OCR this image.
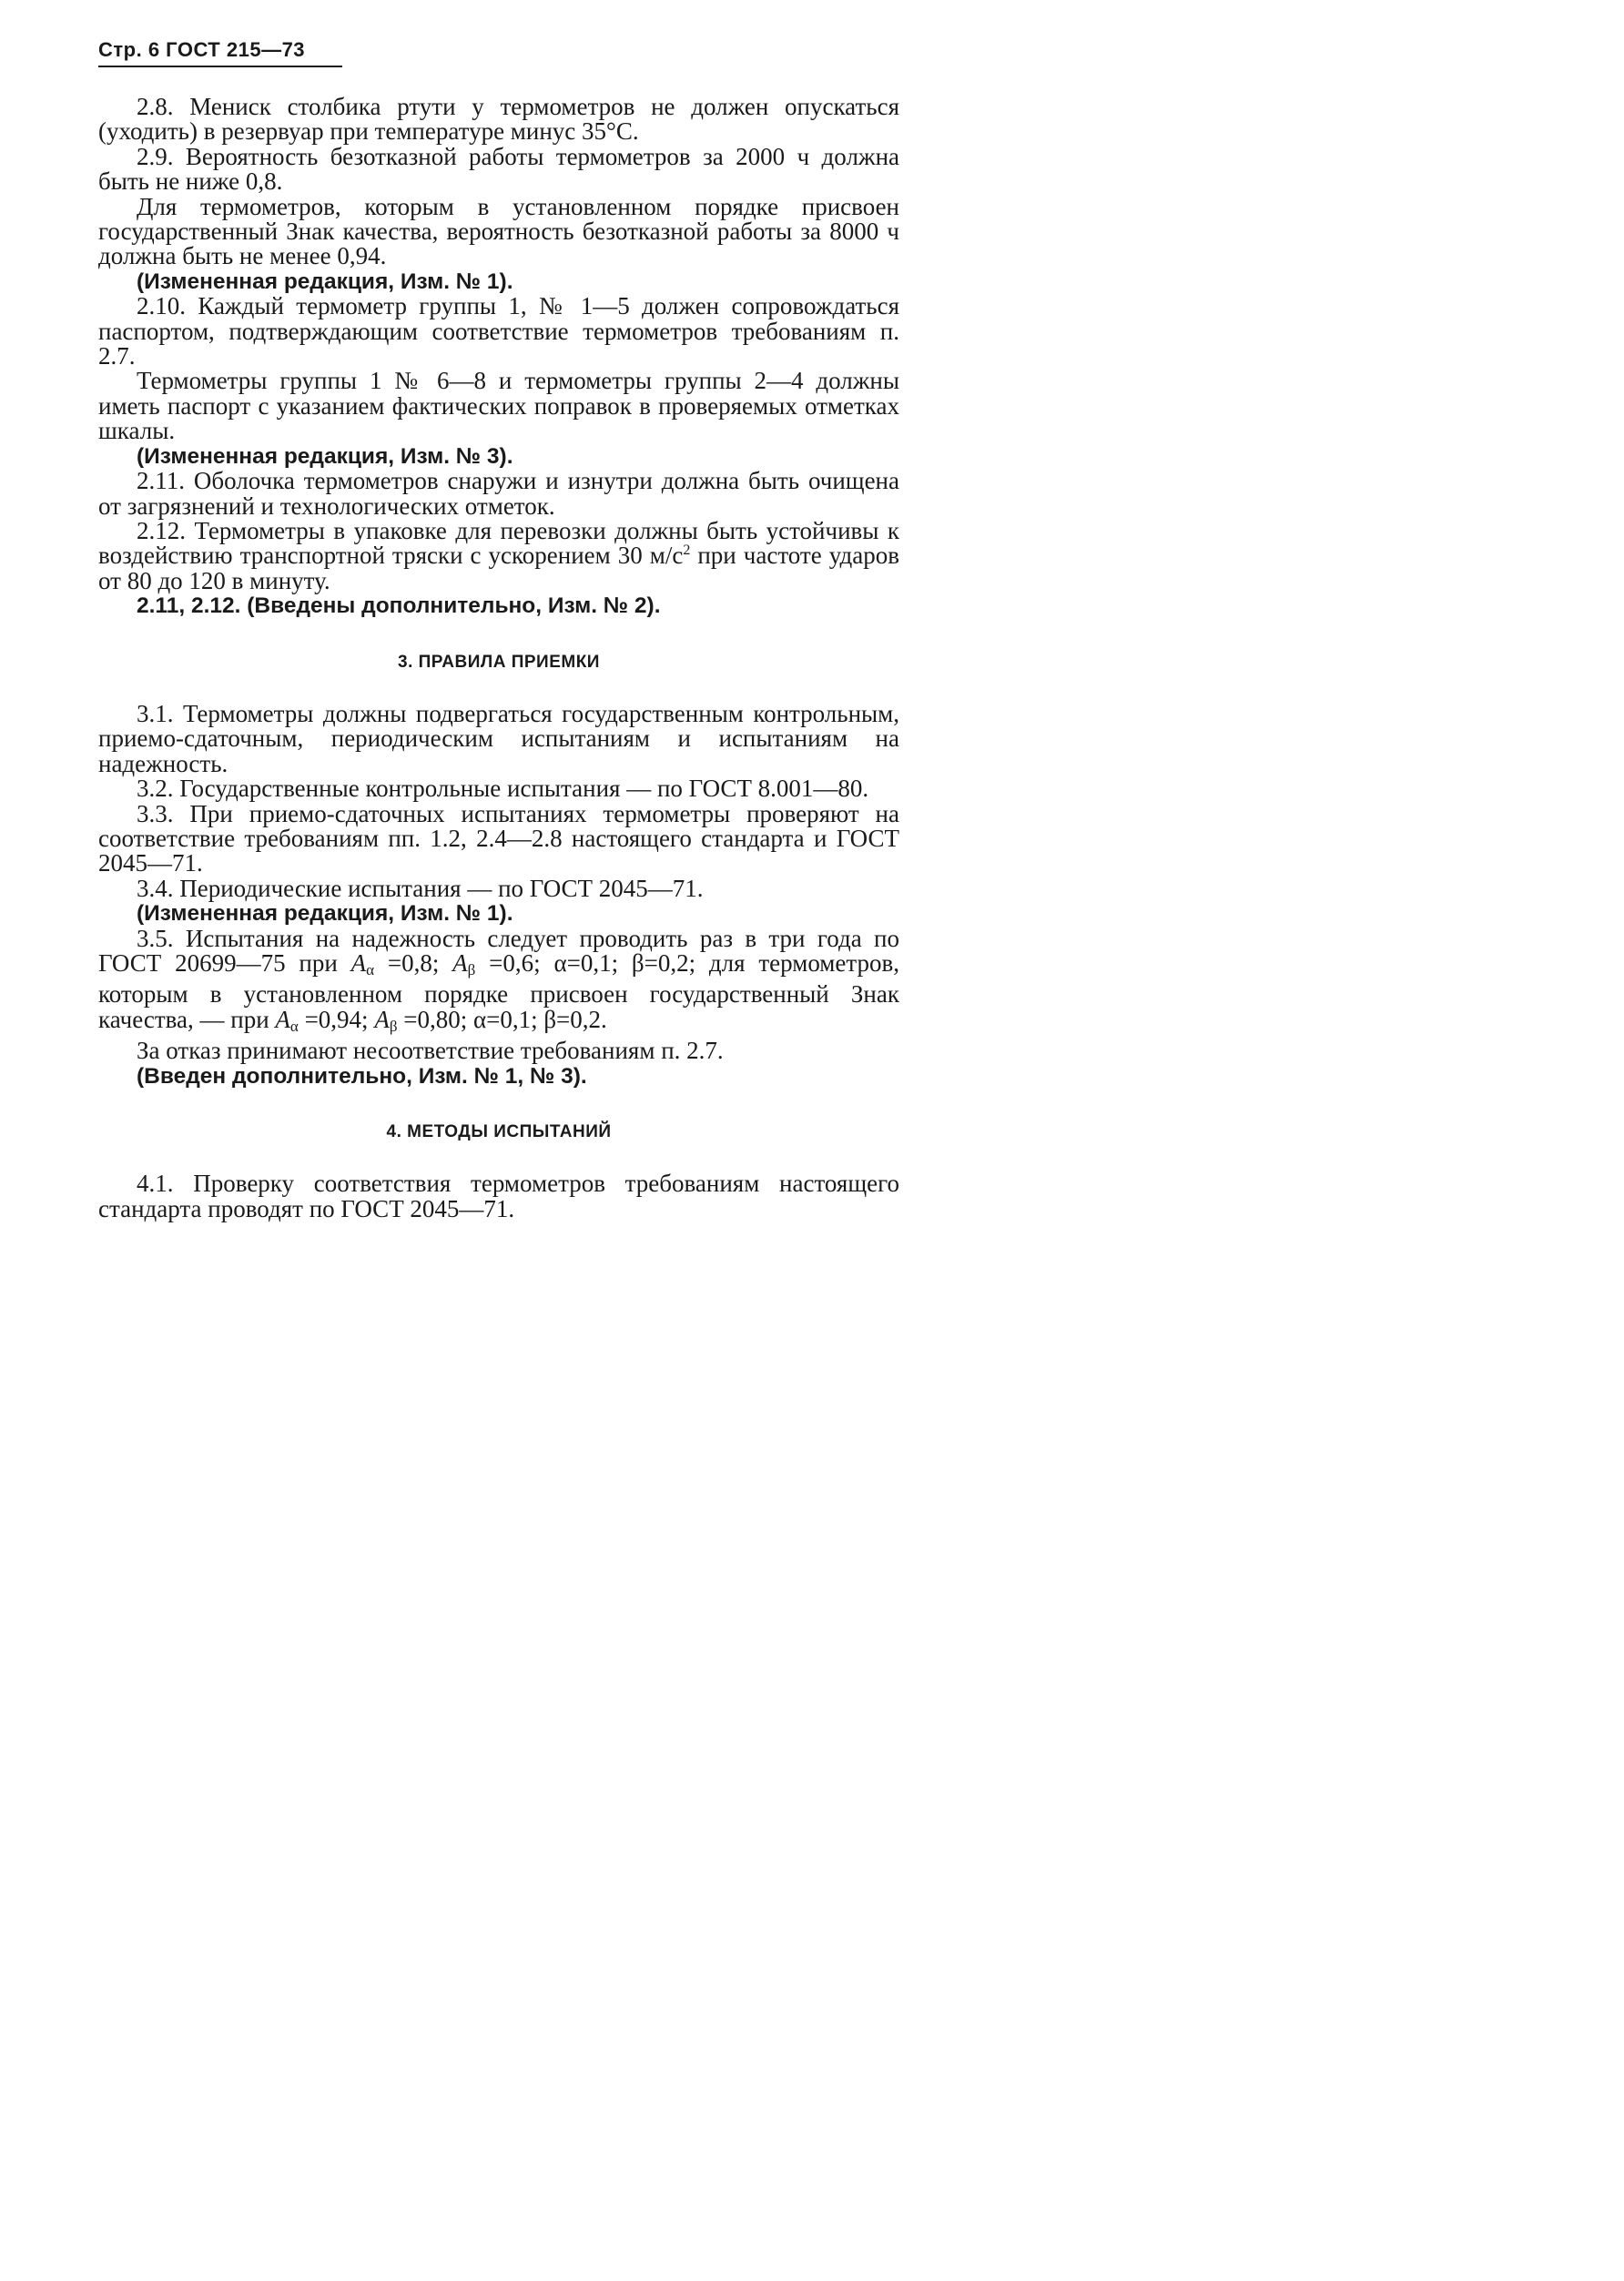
Стр. 6 ГОСТ 215—73

2.8. Мениск столбика ртути у термометров не должен опускаться (уходить) в резервуар при температуре минус 35°С.

2.9. Вероятность безотказной работы термометров за 2000 ч должна быть не ниже 0,8.

Для термометров, которым в установленном порядке присвоен государственный Знак качества, вероятность безотказной работы за 8000 ч должна быть не менее 0,94.

(Измененная редакция, Изм. № 1).

2.10. Каждый термометр группы 1, № 1—5 должен сопровождаться паспортом, подтверждающим соответствие термометров требованиям п. 2.7.

Термометры группы 1 № 6—8 и термометры группы 2—4 должны иметь паспорт с указанием фактических поправок в проверяемых отметках шкалы.

(Измененная редакция, Изм. № 3).

2.11. Оболочка термометров снаружи и изнутри должна быть очищена от загрязнений и технологических отметок.

2.12. Термометры в упаковке для перевозки должны быть устойчивы к воздействию транспортной тряски с ускорением 30 $м/с^2$ при частоте ударов от 80 до 120 в минуту.

2.11, 2.12. (Введены дополнительно, Изм. № 2).

3. ПРАВИЛА ПРИЕМКИ

3.1. Термометры должны подвергаться государственным контрольным, приемо-сдаточным, периодическим испытаниям и испытаниям на надежность.

3.2. Государственные контрольные испытания — по ГОСТ 8.001—80.

3.3. При приемо-сдаточных испытаниях термометры проверяют на соответствие требованиям пп. 1.2, 2.4—2.8 настоящего стандарта и ГОСТ 2045—71.

3.4. Периодические испытания — по ГОСТ 2045—71.

(Измененная редакция, Изм. № 1).

3.5. Испытания на надежность следует проводить раз в три года по ГОСТ 20699—75 при $A_\alpha =0,8$; $A_\beta =0,6$; α=0,1; β=0,2; для термометров, которым в установленном порядке присвоен государственный Знак качества, — при $A_\alpha =0,94$; $A_\beta =0,80$; α=0,1; β=0,2.

За отказ принимают несоответствие требованиям п. 2.7.

(Введен дополнительно, Изм. № 1, № 3).

4. МЕТОДЫ ИСПЫТАНИЙ

4.1. Проверку соответствия термометров требованиям настоящего стандарта проводят по ГОСТ 2045—71.
